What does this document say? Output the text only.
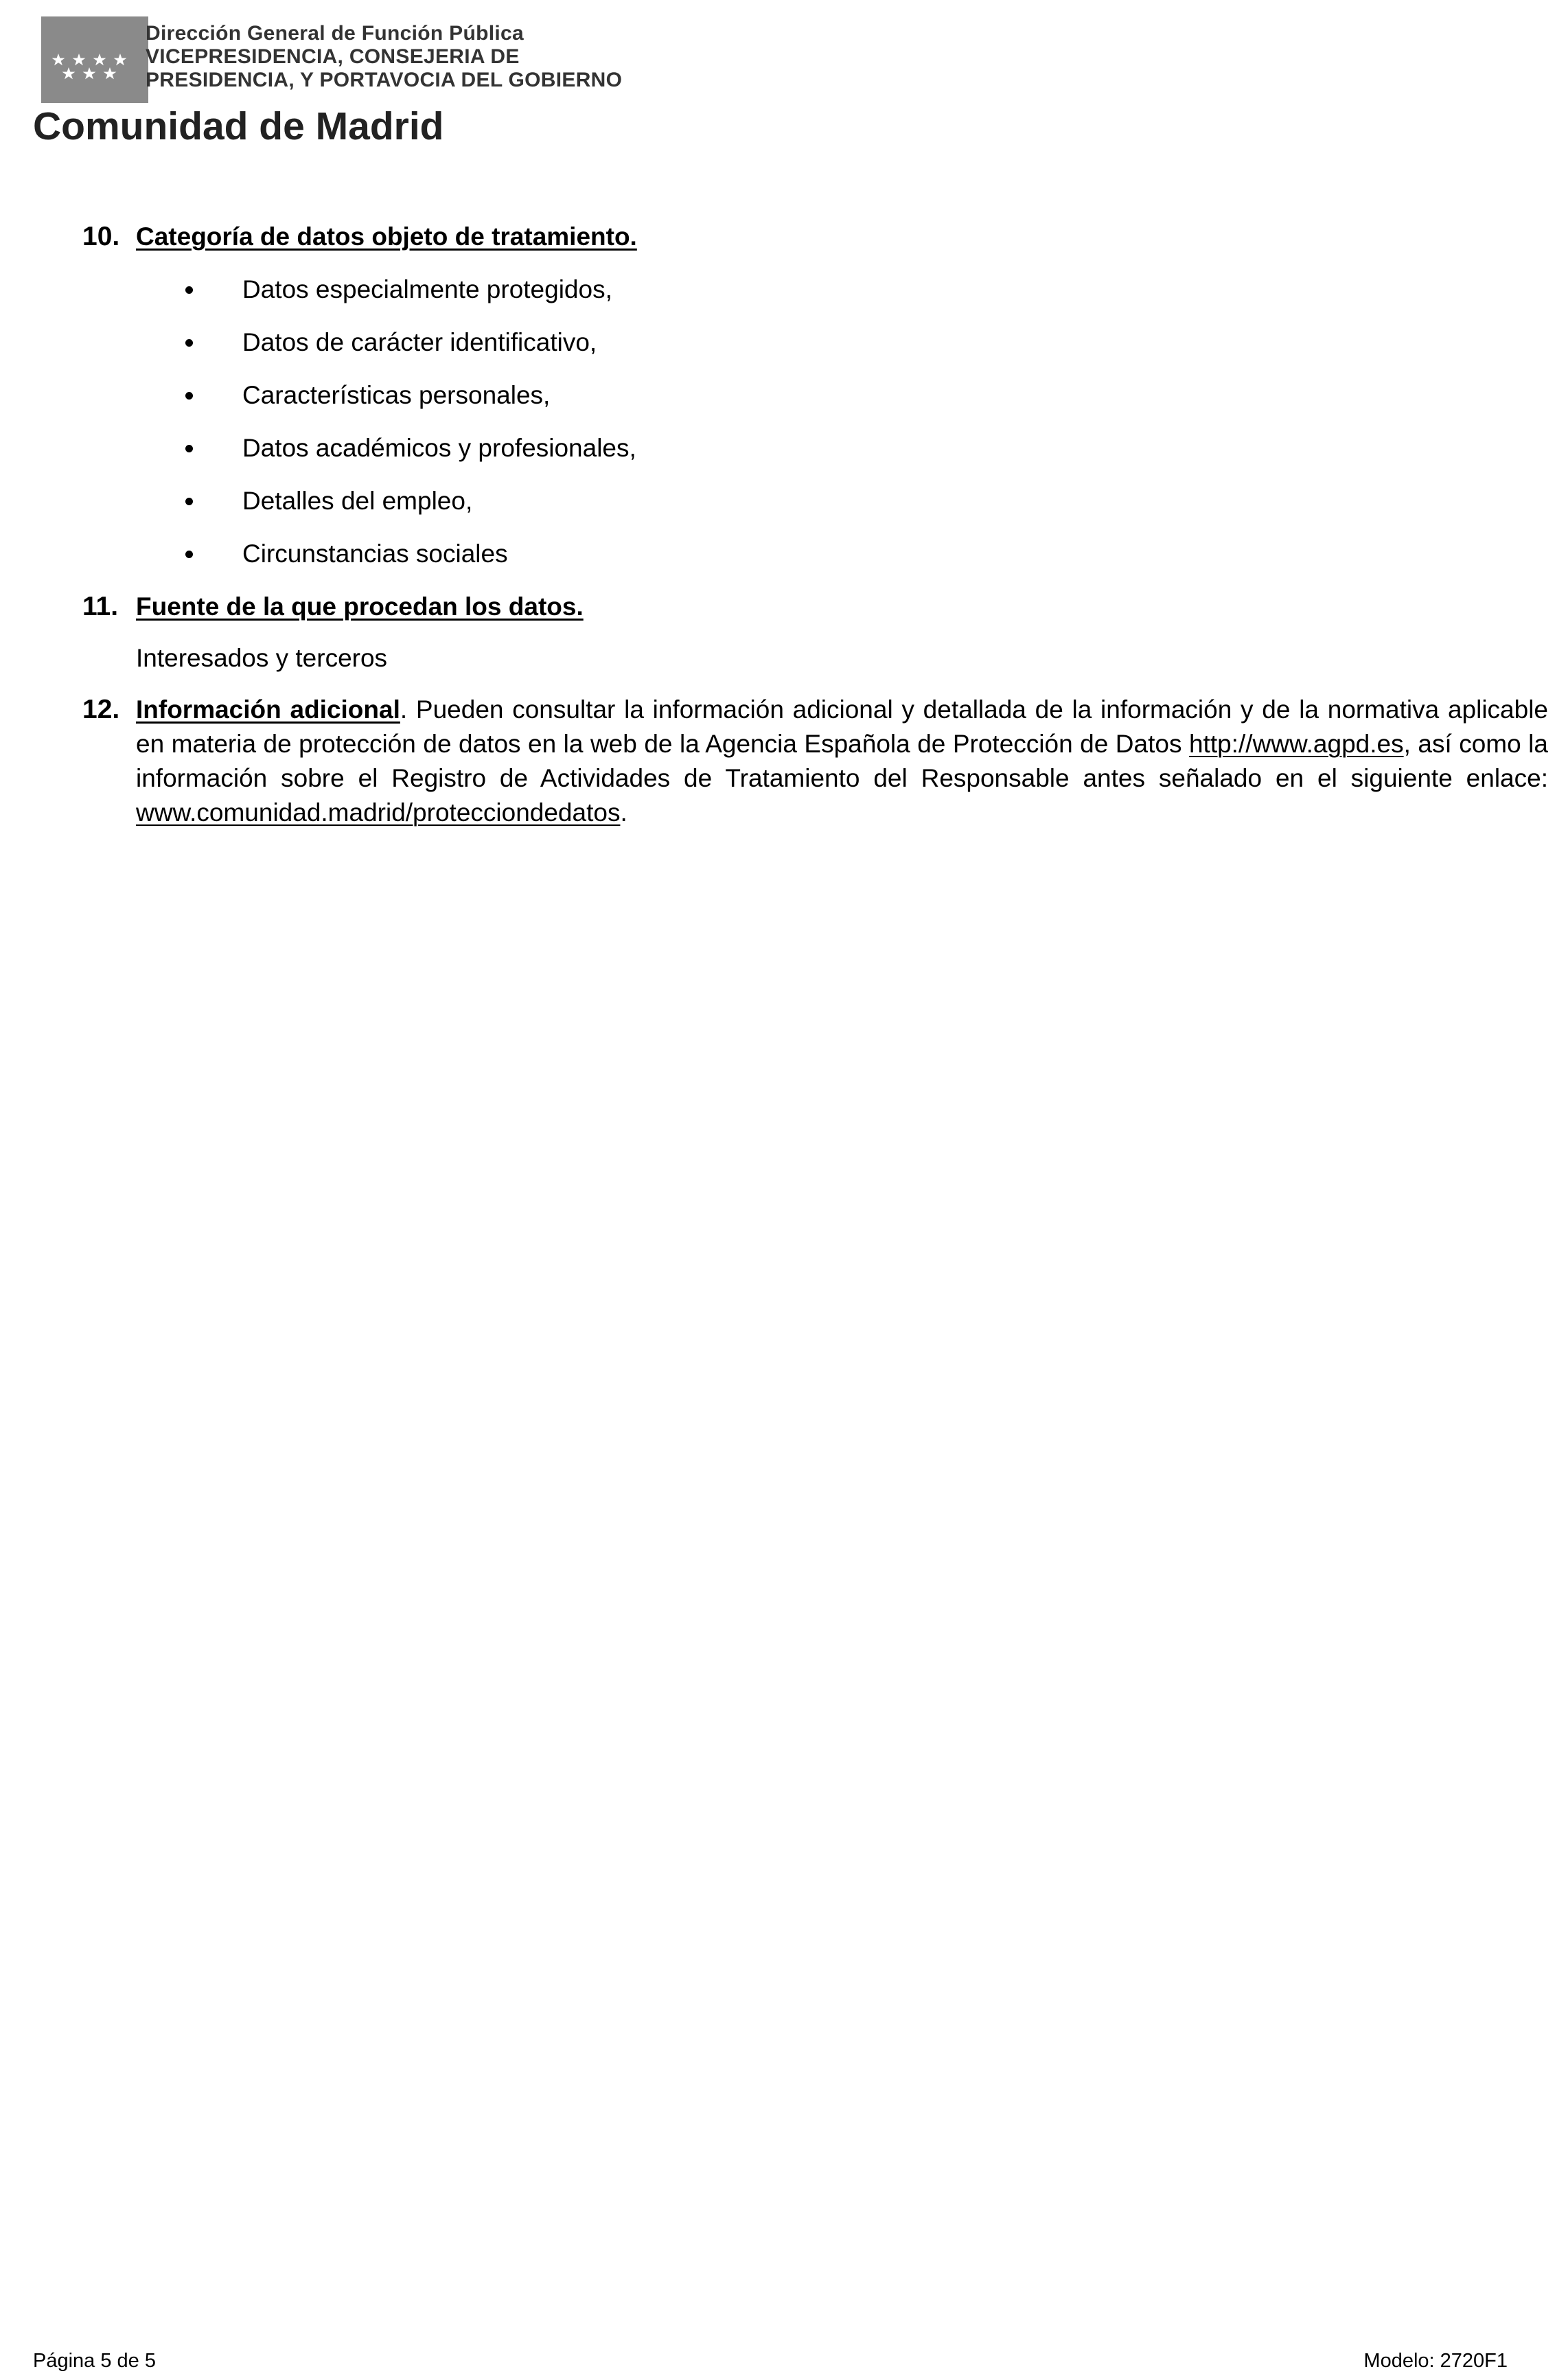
Dirección General de Función Pública
VICEPRESIDENCIA, CONSEJERIA DE
PRESIDENCIA, Y PORTAVOCIA DEL GOBIERNO
Comunidad de Madrid
10. Categoría de datos objeto de tratamiento.
Datos especialmente protegidos,
Datos de carácter identificativo,
Características personales,
Datos académicos y profesionales,
Detalles del empleo,
Circunstancias sociales
11. Fuente de la que procedan los datos.
Interesados y terceros
12. Información adicional. Pueden consultar la información adicional y detallada de la información y de la normativa aplicable en materia de protección de datos en la web de la Agencia Española de Protección de Datos http://www.agpd.es, así como la información sobre el Registro de Actividades de Tratamiento del Responsable antes señalado en el siguiente enlace: www.comunidad.madrid/protecciondedatos.
Página 5 de 5	Modelo: 2720F1
